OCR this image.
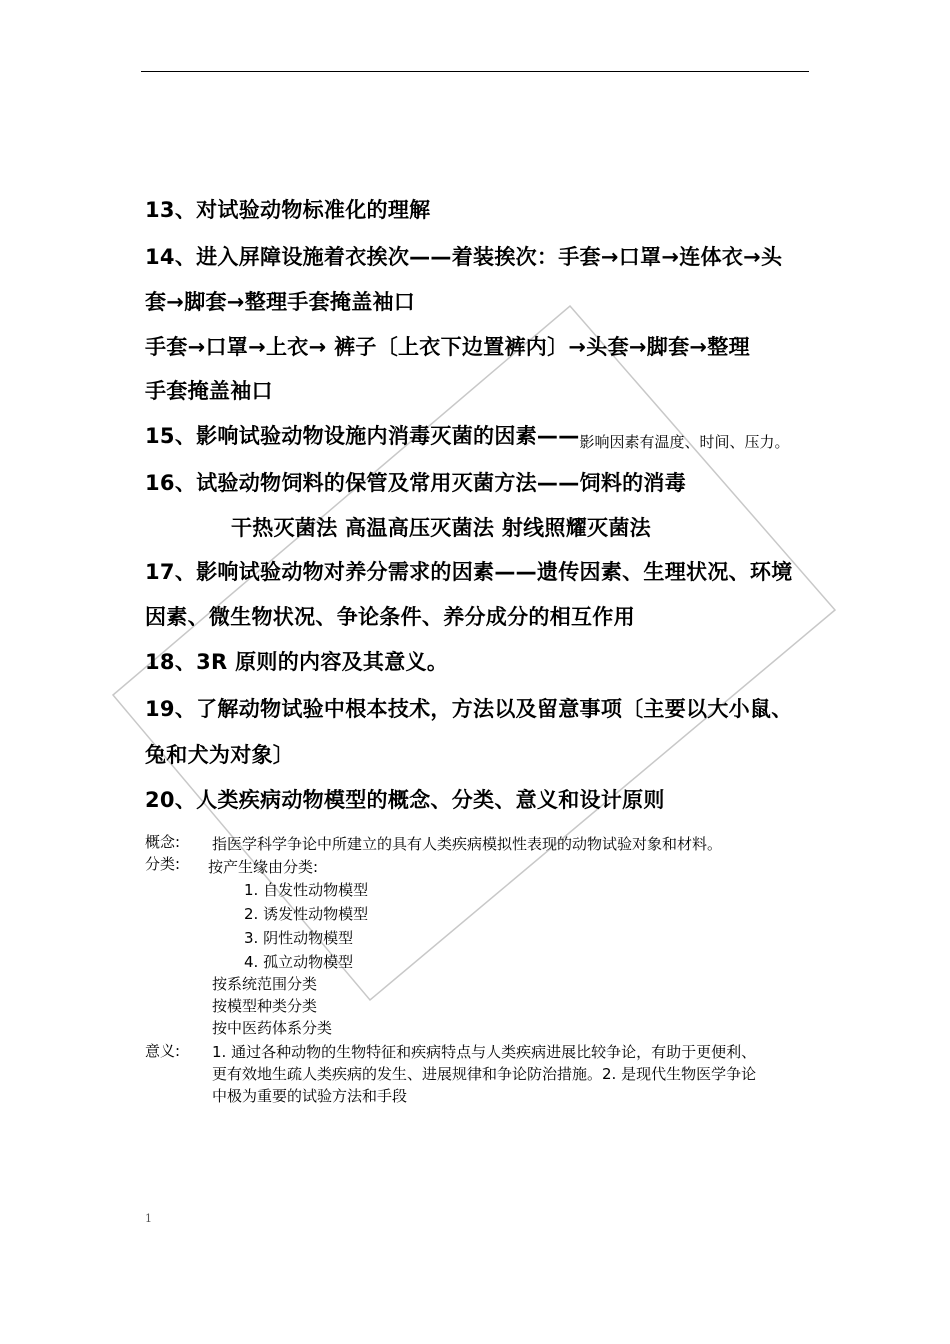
13、对试验动物标准化的理解
14、进入屏障设施着衣挨次——着装挨次：手套→口罩→连体衣→头
套→脚套→整理手套掩盖袖口
手套→口罩→上衣→ 裤子〔上衣下边置裤内〕→头套→脚套→整理
手套掩盖袖口
15、影响试验动物设施内消毒灭菌的因素——影响因素有温度、时间、压力。
16、试验动物饲料的保管及常用灭菌方法——饲料的消毒
干热灭菌法 高温高压灭菌法 射线照耀灭菌法
17、影响试验动物对养分需求的因素——遗传因素、生理状况、环境
因素、微生物状况、争论条件、养分成分的相互作用
18、3R 原则的内容及其意义。
19、了解动物试验中根本技术，方法以及留意事项〔主要以大小鼠、
兔和犬为对象〕
20、人类疾病动物模型的概念、分类、意义和设计原则
概念: 指医学科学争论中所建立的具有人类疾病模拟性表现的动物试验对象和材料。
分类: 按产生缘由分类:
1. 自发性动物模型
2. 诱发性动物模型
3. 阴性动物模型
4. 孤立动物模型
按系统范围分类
按模型种类分类
按中医药体系分类
意义: 1. 通过各种动物的生物特征和疾病特点与人类疾病进展比较争论，有助于更便利、
更有效地生疏人类疾病的发生、进展规律和争论防治措施。2. 是现代生物医学争论
中极为重要的试验方法和手段
1
